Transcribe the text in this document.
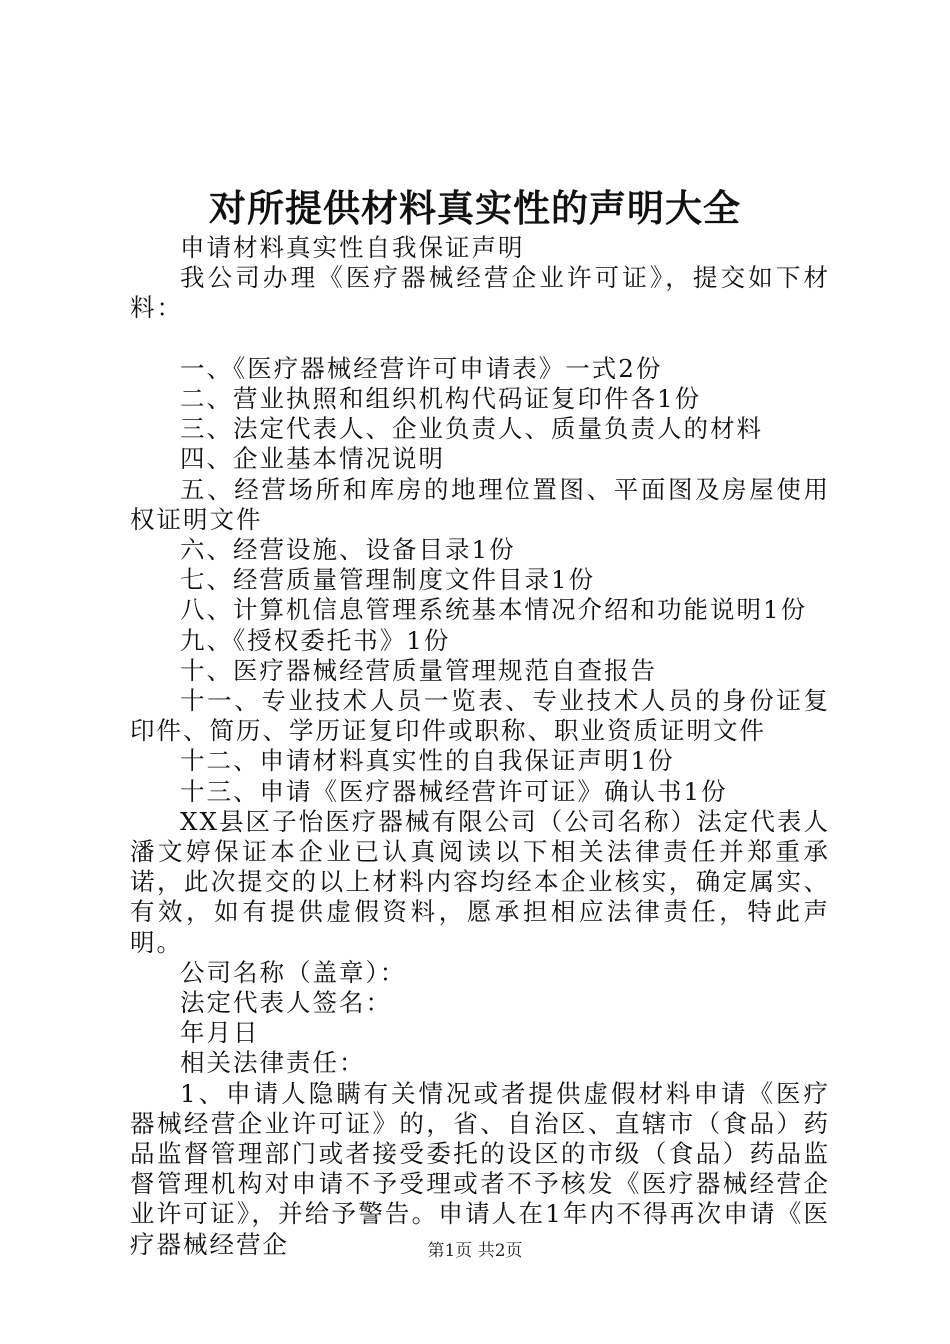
对所提供材料真实性的声明大全

申请材料真实性自我保证声明

我公司办理《医疗器械经营企业许可证》，提交如下材料：

一、《医疗器械经营许可申请表》一式2份

二、营业执照和组织机构代码证复印件各1份

三、法定代表人、企业负责人、质量负责人的材料

四、企业基本情况说明

五、经营场所和库房的地理位置图、平面图及房屋使用权证明文件

六、经营设施、设备目录1份

七、经营质量管理制度文件目录1份

八、计算机信息管理系统基本情况介绍和功能说明1份

九、《授权委托书》1份

十、医疗器械经营质量管理规范自查报告

十一、专业技术人员一览表、专业技术人员的身份证复印件、简历、学历证复印件或职称、职业资质证明文件

十二、申请材料真实性的自我保证声明1份

十三、申请《医疗器械经营许可证》确认书1份

XX县区子怡医疗器械有限公司（公司名称）法定代表人潘文婷保证本企业已认真阅读以下相关法律责任并郑重承诺，此次提交的以上材料内容均经本企业核实，确定属实、有效，如有提供虚假资料，愿承担相应法律责任，特此声明。

公司名称（盖章）：

法定代表人签名：

年月日

相关法律责任：

1、申请人隐瞒有关情况或者提供虚假材料申请《医疗器械经营企业许可证》的，省、自治区、直辖市（食品）药品监督管理部门或者接受委托的设区的市级（食品）药品监督管理机构对申请不予受理或者不予核发《医疗器械经营企业许可证》，并给予警告。申请人在1年内不得再次申请《医疗器械经营企	第1页 共2页
